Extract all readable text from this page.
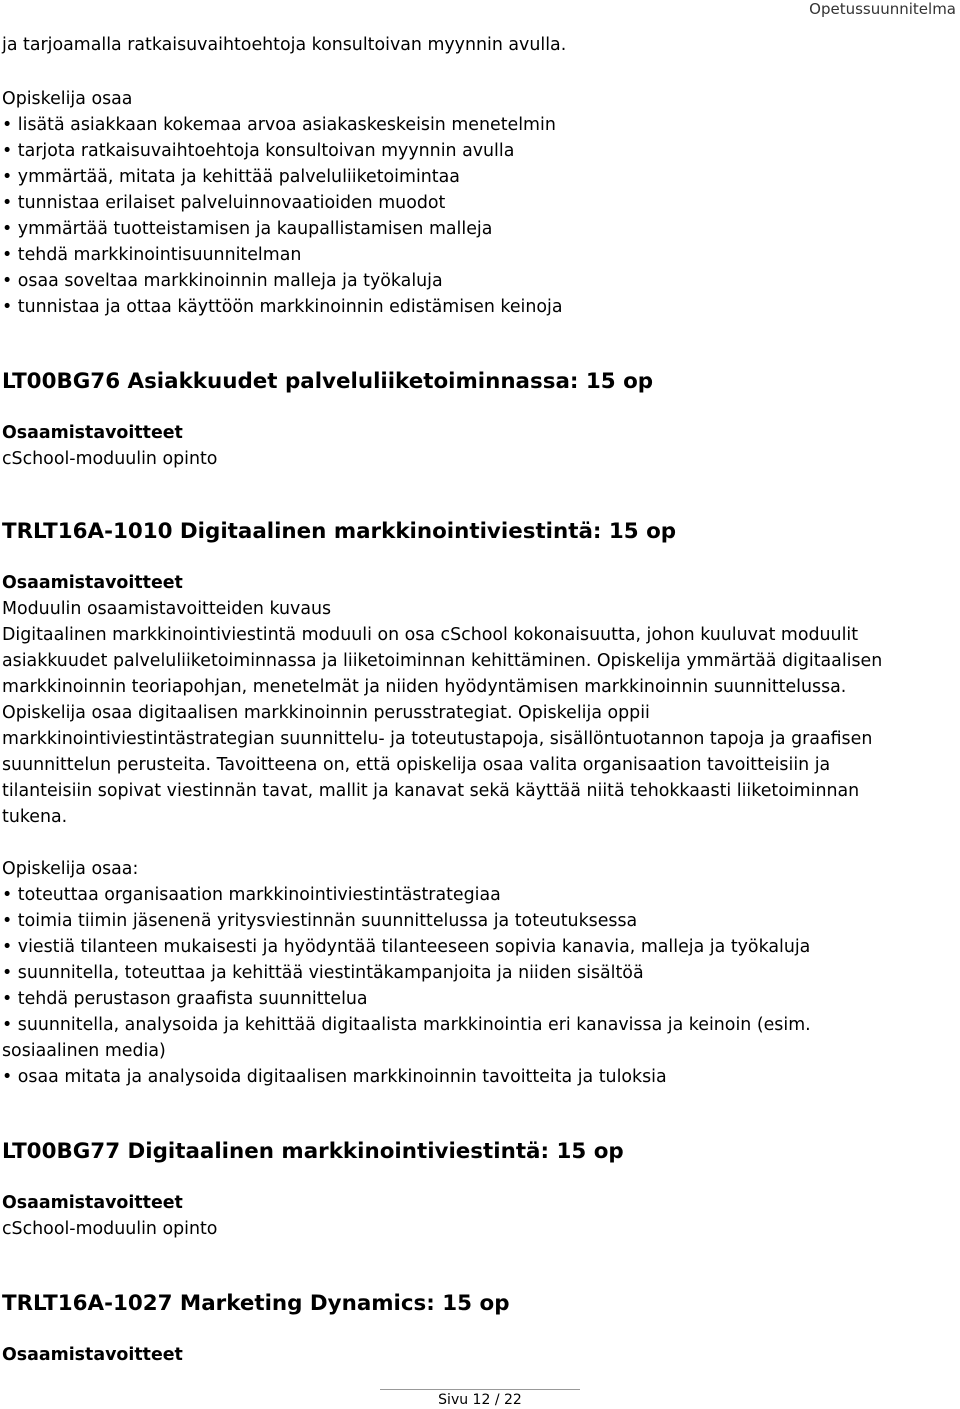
Opetussuunnitelma

ja tarjoamalla ratkaisuvaihtoehtoja konsultoivan myynnin avulla.

Opiskelija osaa

• lisätä asiakkaan kokemaa arvoa asiakaskeskeisin menetelmin
• tarjota ratkaisuvaihtoehtoja konsultoivan myynnin avulla
• ymmärtää, mitata ja kehittää palveluliiketoimintaa
• tunnistaa erilaiset palveluinnovaatioiden muodot
• ymmärtää tuotteistamisen ja kaupallistamisen malleja
• tehdä markkinointisuunnitelman
• osaa soveltaa markkinoinnin malleja ja työkaluja
• tunnistaa ja ottaa käyttöön markkinoinnin edistämisen keinoja
LT00BG76 Asiakkuudet palveluliiketoiminnassa: 15 op

Osaamistavoitteet

cSchool-moduulin opinto

TRLT16A-1010 Digitaalinen markkinointiviestintä: 15 op

Osaamistavoitteet

Moduulin osaamistavoitteiden kuvaus

Digitaalinen markkinointiviestintä moduuli on osa cSchool kokonaisuutta, johon kuuluvat moduulit

asiakkuudet palveluliiketoiminnassa ja liiketoiminnan kehittäminen. Opiskelija ymmärtää digitaalisen

markkinoinnin teoriapohjan, menetelmät ja niiden hyödyntämisen markkinoinnin suunnittelussa.

Opiskelija osaa digitaalisen markkinoinnin perusstrategiat. Opiskelija oppii

markkinointiviestintästrategian suunnittelu- ja toteutustapoja, sisällöntuotannon tapoja ja graafisen

suunnittelun perusteita. Tavoitteena on, että opiskelija osaa valita organisaation tavoitteisiin ja

tilanteisiin sopivat viestinnän tavat, mallit ja kanavat sekä käyttää niitä tehokkaasti liiketoiminnan

tukena.

Opiskelija osaa:

• toteuttaa organisaation markkinointiviestintästrategiaa
• toimia tiimin jäsenenä yritysviestinnän suunnittelussa ja toteutuksessa
• viestiä tilanteen mukaisesti ja hyödyntää tilanteeseen sopivia kanavia, malleja ja työkaluja
• suunnitella, toteuttaa ja kehittää viestintäkampanjoita ja niiden sisältöä
• tehdä perustason graafista suunnittelua
• suunnitella, analysoida ja kehittää digitaalista markkinointia eri kanavissa ja keinoin (esim.
sosiaalinen media)
• osaa mitata ja analysoida digitaalisen markkinoinnin tavoitteita ja tuloksia
LT00BG77 Digitaalinen markkinointiviestintä: 15 op

Osaamistavoitteet

cSchool-moduulin opinto

TRLT16A-1027 Marketing Dynamics: 15 op

Osaamistavoitteet

Sivu 12 / 22
